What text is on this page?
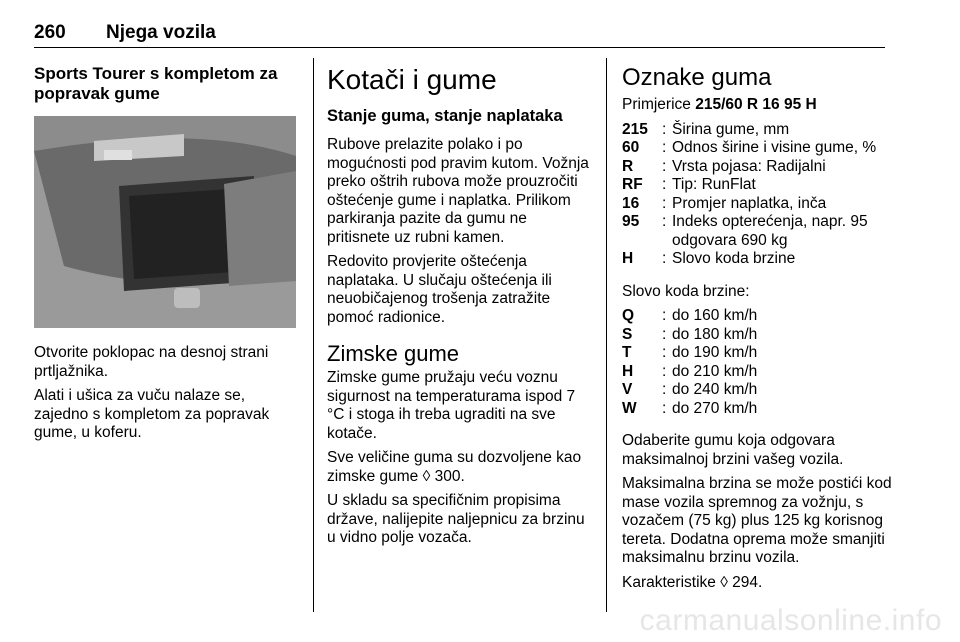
260 Njega vozila
Sports Tourer s kompletom za popravak gume

Otvorite poklopac na desnoj strani prtljažnika.

Alati i ušica za vuču nalaze se, zajedno s kompletom za popravak gume, u koferu.

Kotači i gume
Stanje guma, stanje naplataka

Rubove prelazite polako i po mogućnosti pod pravim kutom. Vožnja preko oštrih rubova može prouzročiti oštećenje gume i naplatka. Prilikom parkiranja pazite da gumu ne pritisnete uz rubni kamen.

Redovito provjerite oštećenja naplataka. U slučaju oštećenja ili neuobičajenog trošenja zatražite pomoć radionice.

Zimske gume

Zimske gume pružaju veću voznu sigurnost na temperaturama ispod 7 °C i stoga ih treba ugraditi na sve kotače.

Sve veličine guma su dozvoljene kao zimske gume ◊ 300.

U skladu sa specifičnim propisima države, nalijepite naljepnicu za brzinu u vidno polje vozača.

Oznake guma
Primjerice 215/60 R 16 95 H
215 : Širina gume, mm
60	: Odnos širine i visine gume, %
R	: Vrsta pojasa: Radijalni
RF	: Tip: RunFlat
16	: Promjer naplatka, inča
95	: Indeks opterećenja, napr. 95 odgovara 690 kg
H	: Slovo koda brzine

Slovo koda brzine:

Q	: do 160 km/h
S	: do 180 km/h
T	: do 190 km/h
H	: do 210 km/h
V	: do 240 km/h
W	: do 270 km/h

Odaberite gumu koja odgovara maksimalnoj brzini vašeg vozila.

Maksimalna brzina se može postići kod mase vozila spremnog za vožnju, s vozačem (75 kg) plus 125 kg korisnog tereta. Dodatna oprema može smanjiti maksimalnu brzinu vozila.

Karakteristike ◊ 294.

carmanualsonline.info
